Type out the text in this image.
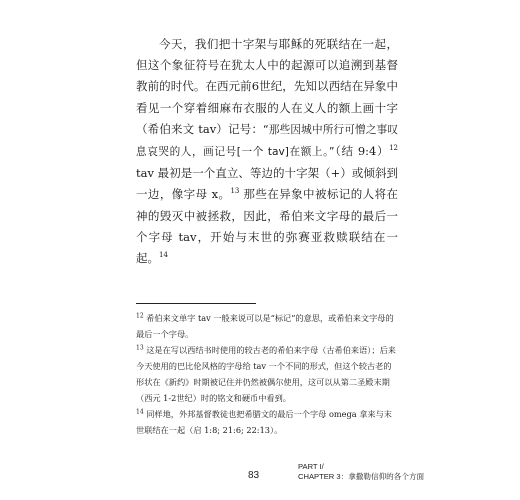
今天，我们把十字架与耶稣的死联结在一起，但这个象征符号在犹太人中的起源可以追溯到基督教前的时代。在西元前6世纪，先知以西结在异象中看见一个穿着细麻布衣服的人在义人的额上画十字（希伯来文 tav）记号：“那些因城中所行可憎之事叹息哀哭的人，画记号[一个 tav]在额上。”（结 9:4）$^{12}$ tav 最初是一个直立、等边的十字架（+）或倾斜到一边，像字母 x。$^{13}$ 那些在异象中被标记的人将在神的毁灭中被拯救，因此，希伯来文字母的最后一个字母 tav，开始与末世的弥赛亚救赎联结在一起。$^{14}$

$^{12}$ 希伯来文单字 tav 一般来说可以是“标记”的意思，或希伯来文字母的最后一个字母。

$^{13}$ 这是在写以西结书时使用的较古老的希伯来字母（古希伯来语）；后来今天使用的巴比伦风格的字母给 tav 一个不同的形式，但这个较古老的形状在《新约》时期被记住并仍然被偶尔使用，这可以从第二圣殿末期（西元 1-2世纪）时的铭文和硬币中看到。

$^{14}$ 同样地，外邦基督教徒也把希腊文的最后一个字母 omega 拿来与末世联结在一起（启 1:8; 21:6; 22:13）。

83
PART I/
CHAPTER 3：拿撒勒信仰的各个方面
